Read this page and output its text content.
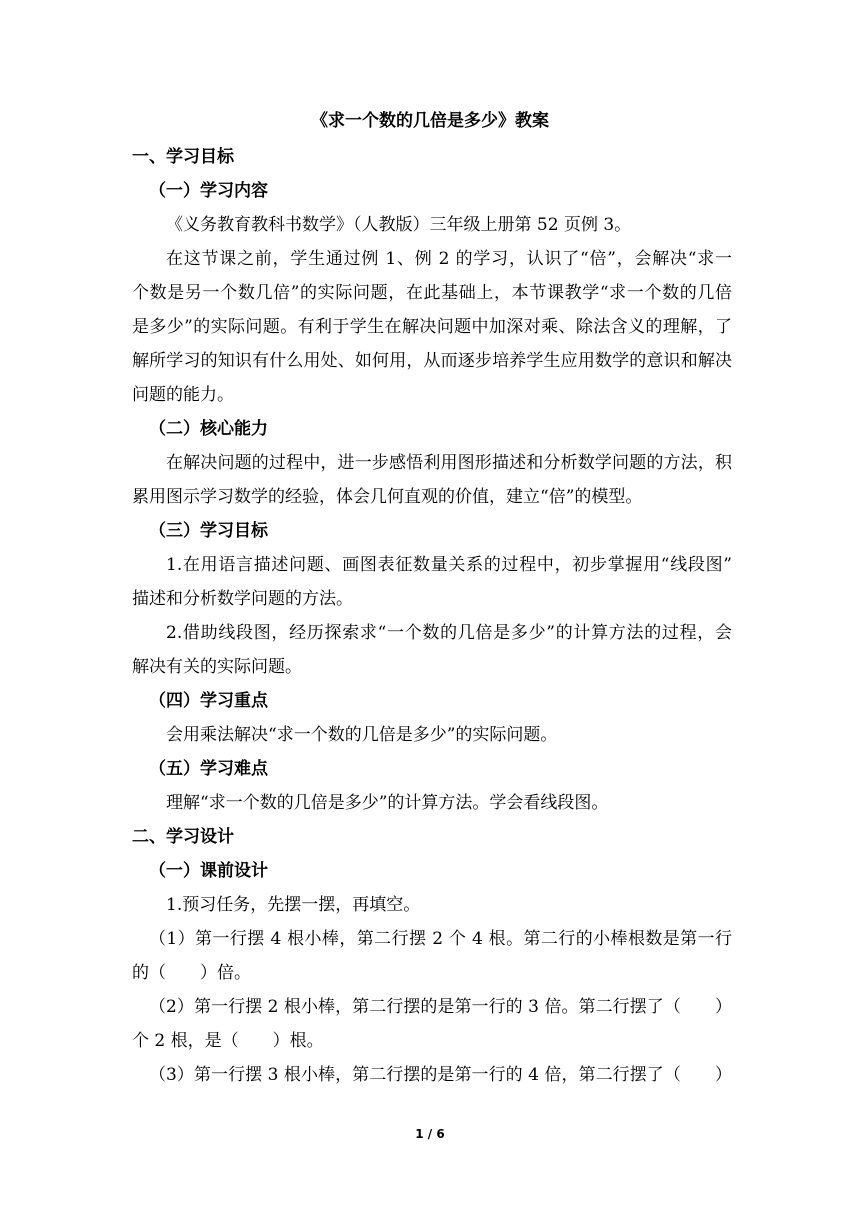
《求一个数的几倍是多少》教案
一、学习目标
（一）学习内容
《义务教育教科书数学》（人教版）三年级上册第 52 页例 3。
在这节课之前，学生通过例 1、例 2 的学习，认识了“倍”，会解决“求一
个数是另一个数几倍”的实际问题，在此基础上，本节课教学“求一个数的几倍
是多少”的实际问题。有利于学生在解决问题中加深对乘、除法含义的理解，了
解所学习的知识有什么用处、如何用，从而逐步培养学生应用数学的意识和解决
问题的能力。
（二）核心能力
在解决问题的过程中，进一步感悟利用图形描述和分析数学问题的方法，积
累用图示学习数学的经验，体会几何直观的价值，建立“倍”的模型。
（三）学习目标
1.在用语言描述问题、画图表征数量关系的过程中，初步掌握用“线段图”
描述和分析数学问题的方法。
2.借助线段图，经历探索求“一个数的几倍是多少”的计算方法的过程，会
解决有关的实际问题。
（四）学习重点
会用乘法解决“求一个数的几倍是多少”的实际问题。
（五）学习难点
理解“求一个数的几倍是多少”的计算方法。学会看线段图。
二、学习设计
（一）课前设计
1.预习任务，先摆一摆，再填空。
（1）第一行摆 4 根小棒，第二行摆 2 个 4 根。第二行的小棒根数是第一行
的（　　）倍。
（2）第一行摆 2 根小棒，第二行摆的是第一行的 3 倍。第二行摆了（　　）
个 2 根，是（　　）根。
（3）第一行摆 3 根小棒，第二行摆的是第一行的 4 倍，第二行摆了（　　）
1 / 6
